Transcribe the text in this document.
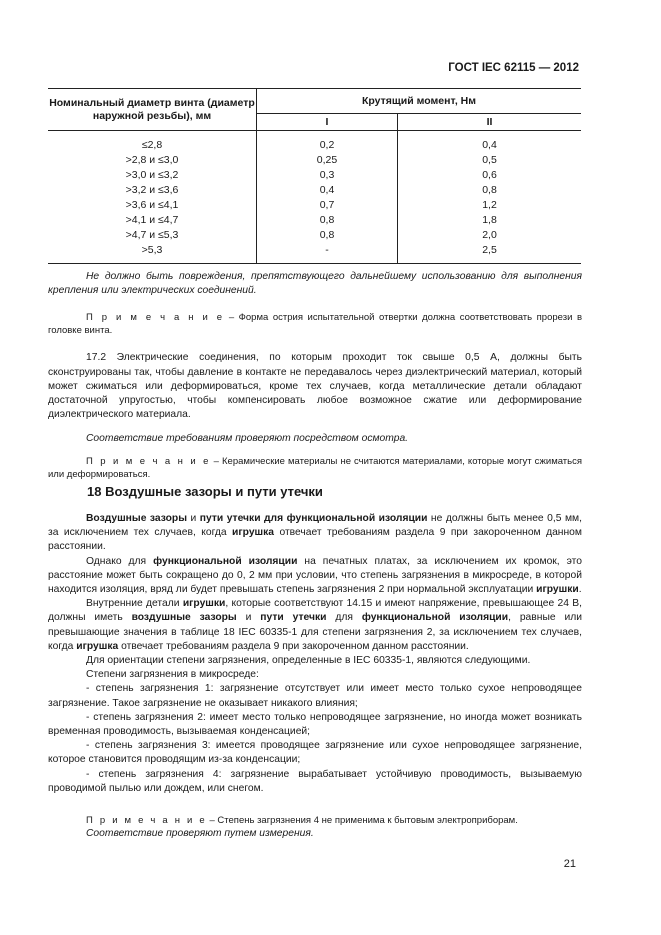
ГОСТ IEC 62115 — 2012
Номинальный диаметр винта (диаметр наружной резьбы), мм	Крутящий момент, Нм	
	I	II
≤2,8	0,2	0,4
>2,8 и ≤3,0	0,25	0,5
>3,0 и ≤3,2	0,3	0,6
>3,2 и ≤3,6	0,4	0,8
>3,6 и ≤4,1	0,7	1,2
>4,1 и ≤4,7	0,8	1,8
>4,7 и ≤5,3	0,8	2,0
>5,3	-	2,5

Не должно быть повреждения, препятствующего дальнейшему использованию для выполнения крепления или электрических соединений.

П р и м е ч а н и е – Форма острия испытательной отвертки должна соответствовать прорези в головке винта.

17.2 Электрические соединения, по которым проходит ток свыше 0,5 А, должны быть сконструированы так, чтобы давление в контакте не передавалось через диэлектрический материал, который может сжиматься или деформироваться, кроме тех случаев, когда металлические детали обладают достаточной упругостью, чтобы компенсировать любое возможное сжатие или деформирование диэлектрического материала.

Соответствие требованиям проверяют посредством осмотра.

П р и м е ч а н и е – Керамические материалы не считаются материалами, которые могут сжиматься или деформироваться.

18 Воздушные зазоры и пути утечки

Воздушные зазоры и пути утечки для функциональной изоляции не должны быть менее 0,5 мм, за исключением тех случаев, когда игрушка отвечает требованиям раздела 9 при закороченном данном расстоянии.

Однако для функциональной изоляции на печатных платах, за исключением их кромок, это расстояние может быть сокращено до 0, 2 мм при условии, что степень загрязнения в микросреде, в которой находится изоляция, вряд ли будет превышать степень загрязнения 2 при нормальной эксплуатации игрушки.

Внутренние детали игрушки, которые соответствуют 14.15 и имеют напряжение, превышающее 24 В, должны иметь воздушные зазоры и пути утечки для функциональной изоляции, равные или превышающие значения в таблице 18 IEC 60335-1 для степени загрязнения 2, за исключением тех случаев, когда игрушка отвечает требованиям раздела 9 при закороченном данном расстоянии.

Для ориентации степени загрязнения, определенные в IEC 60335-1, являются следующими.

Степени загрязнения в микросреде:

- степень загрязнения 1: загрязнение отсутствует или имеет место только сухое непроводящее загрязнение. Такое загрязнение не оказывает никакого влияния;

- степень загрязнения 2: имеет место только непроводящее загрязнение, но иногда может возникать временная проводимость, вызываемая конденсацией;

- степень загрязнения 3: имеется проводящее загрязнение или сухое непроводящее загрязнение, которое становится проводящим из-за конденсации;

- степень загрязнения 4: загрязнение вырабатывает устойчивую проводимость, вызываемую проводимой пылью или дождем, или снегом.

П р и м е ч а н и е – Степень загрязнения 4 не применима к бытовым электроприборам.

Соответствие проверяют путем измерения.

21
